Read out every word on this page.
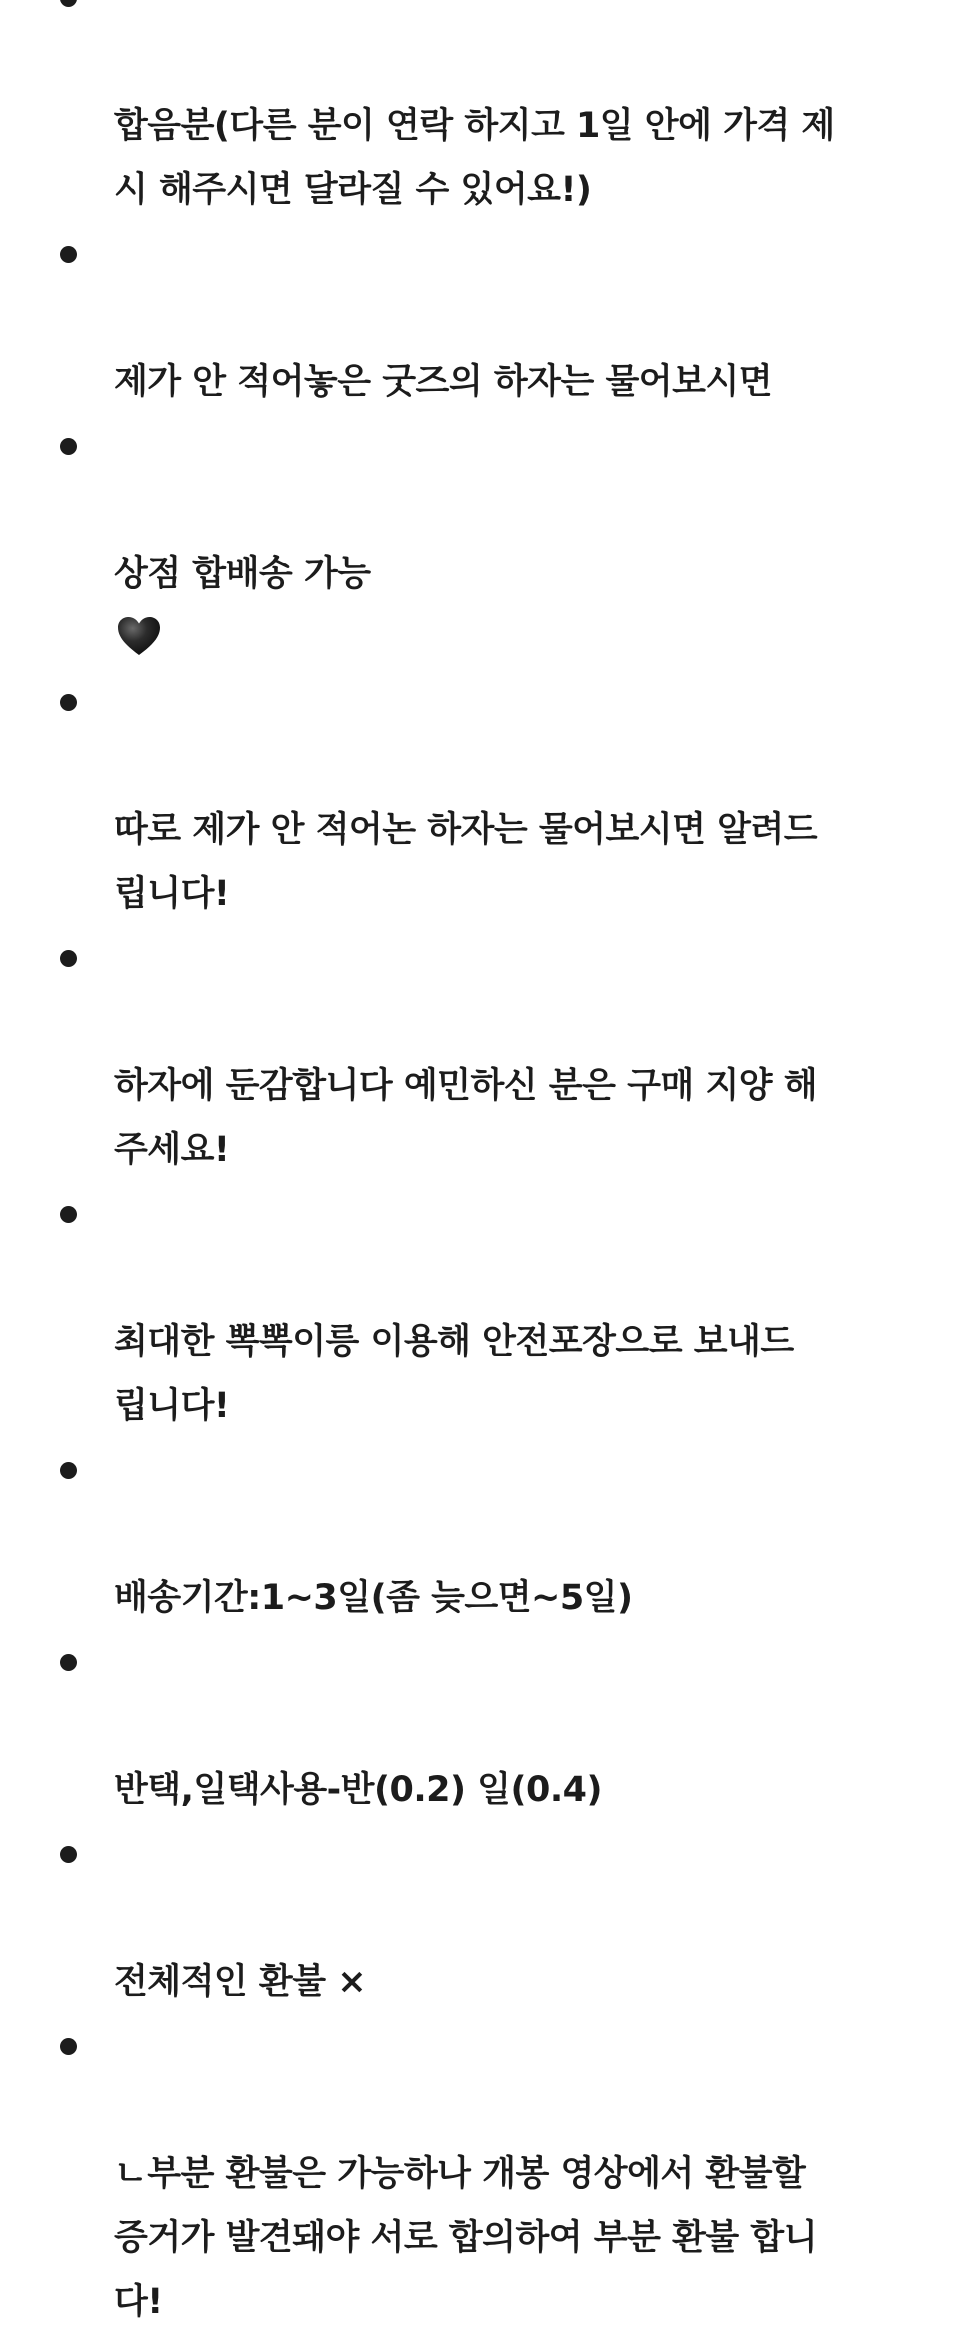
합음분(다른 분이 연락 하지고 1일 안에 가격 제
시 해주시면 달라질 수 있어요!)

제가 안 적어놓은 굿즈의 하자는 물어보시면

상점 합배송 가능

따로 제가 안 적어논 하자는 물어보시면 알려드
립니다!

하자에 둔감합니다 예민하신 분은 구매 지양 해
주세요!

최대한 뽁뽁이릉 이용해 안전포장으로 보내드
립니다!

배송기간:1~3일(좀 늦으면~5일)

반택,일택사용-반(0.2) 일(0.4)

전체적인 환불 ×

ㄴ부분 환불은 가능하나 개봉 영상에서 환불할
증거가 발견돼야 서로 합의하여 부분 환불 합니
다!
